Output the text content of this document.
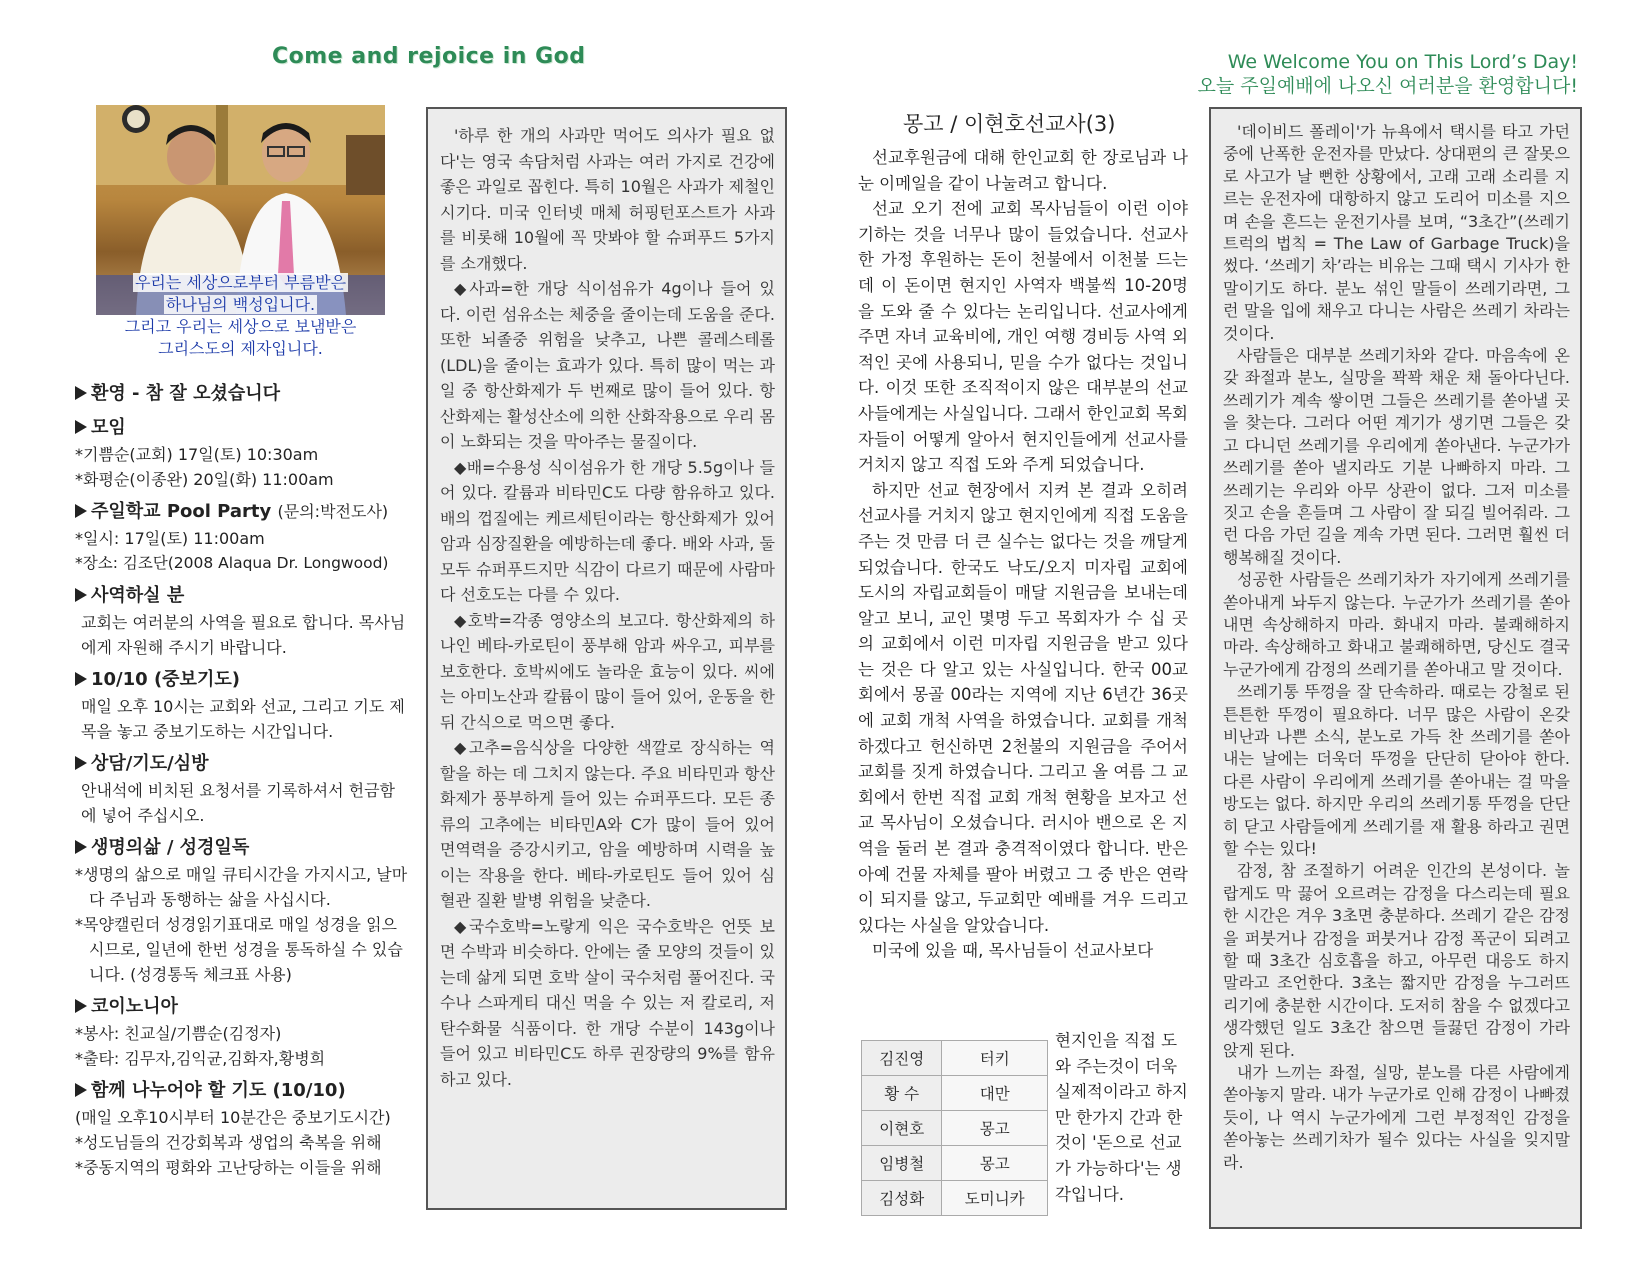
Come and rejoice in God	We Welcome You on This Lord’s Day!
오늘 주일예배에 나오신 여러분을 환영합니다!
우리는 세상으로부터 부름받은
하나님의 백성입니다.
그리고 우리는 세상으로 보냄받은
그리스도의 제자입니다.
환영 - 참 잘 오셨습니다
모임
*기쁨순(교회) 17일(토) 10:30am
*화평순(이종완) 20일(화) 11:00am
주일학교 Pool Party (문의:박전도사)
*일시: 17일(토) 11:00am
*장소: 김조단(2008 Alaqua Dr. Longwood)
사역하실 분
교회는 여러분의 사역을 필요로 합니다. 목사님에게 자원해 주시기 바랍니다.
10/10 (중보기도)
매일 오후 10시는 교회와 선교, 그리고 기도 제목을 놓고 중보기도하는 시간입니다.
상담/기도/심방
안내석에 비치된 요청서를 기록하셔서 헌금함에 넣어 주십시오.
생명의삶 / 성경일독
*생명의 삶으로 매일 큐티시간을 가지시고, 날마다 주님과 동행하는 삶을 사십시다.
*목양캘린더 성경읽기표대로 매일 성경을 읽으시므로, 일년에 한번 성경을 통독하실 수 있습니다. (성경통독 체크표 사용)
코이노니아
*봉사: 친교실/기쁨순(김정자)
*출타: 김무자,김익균,김화자,황병희
함께 나누어야 할 기도 (10/10)
(매일 오후10시부터 10분간은 중보기도시간)
*성도님들의 건강회복과 생업의 축복을 위해
*중동지역의 평화와 고난당하는 이들을 위해

'하루 한 개의 사과만 먹어도 의사가 필요 없다'는 영국 속담처럼 사과는 여러 가지로 건강에 좋은 과일로 꼽힌다. 특히 10월은 사과가 제철인 시기다. 미국 인터넷 매체 허핑턴포스트가 사과를 비롯해 10월에 꼭 맛봐야 할 슈퍼푸드 5가지를 소개했다.

◆사과=한 개당 식이섬유가 4g이나 들어 있다. 이런 섬유소는 체중을 줄이는데 도움을 준다. 또한 뇌졸중 위험을 낮추고, 나쁜 콜레스테롤(LDL)을 줄이는 효과가 있다. 특히 많이 먹는 과일 중 항산화제가 두 번째로 많이 들어 있다. 항산화제는 활성산소에 의한 산화작용으로 우리 몸이 노화되는 것을 막아주는 물질이다.

◆배=수용성 식이섬유가 한 개당 5.5g이나 들어 있다. 칼륨과 비타민C도 다량 함유하고 있다. 배의 껍질에는 케르세틴이라는 항산화제가 있어 암과 심장질환을 예방하는데 좋다. 배와 사과, 둘 모두 슈퍼푸드지만 식감이 다르기 때문에 사람마다 선호도는 다를 수 있다.

◆호박=각종 영양소의 보고다. 항산화제의 하나인 베타-카로틴이 풍부해 암과 싸우고, 피부를 보호한다. 호박씨에도 놀라운 효능이 있다. 씨에는 아미노산과 칼륨이 많이 들어 있어, 운동을 한 뒤 간식으로 먹으면 좋다.

◆고추=음식상을 다양한 색깔로 장식하는 역할을 하는 데 그치지 않는다. 주요 비타민과 항산화제가 풍부하게 들어 있는 슈퍼푸드다. 모든 종류의 고추에는 비타민A와 C가 많이 들어 있어 면역력을 증강시키고, 암을 예방하며 시력을 높이는 작용을 한다. 베타-카로틴도 들어 있어 심혈관 질환 발병 위험을 낮춘다.

◆국수호박=노랗게 익은 국수호박은 언뜻 보면 수박과 비슷하다. 안에는 줄 모양의 것들이 있는데 삶게 되면 호박 살이 국수처럼 풀어진다. 국수나 스파게티 대신 먹을 수 있는 저 칼로리, 저 탄수화물 식품이다. 한 개당 수분이 143g이나 들어 있고 비타민C도 하루 권장량의 9%를 함유하고 있다.

몽고 / 이현호선교사(3)

선교후원금에 대해 한인교회 한 장로님과 나눈 이메일을 같이 나눌려고 합니다.

선교 오기 전에 교회 목사님들이 이런 이야기하는 것을 너무나 많이 들었습니다. 선교사 한 가정 후원하는 돈이 천불에서 이천불 드는데 이 돈이면 현지인 사역자 백불씩 10-20명을 도와 줄 수 있다는 논리입니다. 선교사에게 주면 자녀 교육비에, 개인 여행 경비등 사역 외적인 곳에 사용되니, 믿을 수가 없다는 것입니다. 이것 또한 조직적이지 않은 대부분의 선교사들에게는 사실입니다. 그래서 한인교회 목회자들이 어떻게 알아서 현지인들에게 선교사를 거치지 않고 직접 도와 주게 되었습니다.

하지만 선교 현장에서 지켜 본 결과 오히려 선교사를 거치지 않고 현지인에게 직접 도움을 주는 것 만큼 더 큰 실수는 없다는 것을 깨달게 되었습니다. 한국도 낙도/오지 미자립 교회에 도시의 자립교회들이 매달 지원금을 보내는데 알고 보니, 교인 몇명 두고 목회자가 수 십 곳의 교회에서 이런 미자립 지원금을 받고 있다는 것은 다 알고 있는 사실입니다. 한국 00교회에서 몽골 00라는 지역에 지난 6년간 36곳에 교회 개척 사역을 하였습니다. 교회를 개척하겠다고 헌신하면 2천불의 지원금을 주어서 교회를 짓게 하였습니다. 그리고 올 여름 그 교회에서 한번 직접 교회 개척 현황을 보자고 선교 목사님이 오셨습니다. 러시아 밴으로 온 지역을 둘러 본 결과 충격적이였다 합니다. 반은 아예 건물 자체를 팔아 버렸고 그 중 반은 연락이 되지를 않고, 두교회만 예배를 겨우 드리고 있다는 사실을 알았습니다.

미국에 있을 때, 목사님들이 선교사보다

김진영	터키
황 수	대만
이현호	몽고
임병철	몽고
김성화	도미니카
현지인을 직접 도와 주는것이 더욱 실제적이라고 하지만 한가지 간과 한 것이 '돈으로 선교가 가능하다'는 생각입니다.

'데이비드 폴레이'가 뉴욕에서 택시를 타고 가던 중에 난폭한 운전자를 만났다. 상대편의 큰 잘못으로 사고가 날 뻔한 상황에서, 고래 고래 소리를 지르는 운전자에 대항하지 않고 도리어 미소를 지으며 손을 흔드는 운전기사를 보며, “3초간”(쓰레기 트럭의 법칙 = The Law of Garbage Truck)을 썼다. ‘쓰레기 차’라는 비유는 그때 택시 기사가 한 말이기도 하다. 분노 섞인 말들이 쓰레기라면, 그런 말을 입에 채우고 다니는 사람은 쓰레기 차라는 것이다.

사람들은 대부분 쓰레기차와 같다. 마음속에 온갖 좌절과 분노, 실망을 꽉꽉 채운 채 돌아다닌다. 쓰레기가 계속 쌓이면 그들은 쓰레기를 쏟아낼 곳을 찾는다. 그러다 어떤 계기가 생기면 그들은 갖고 다니던 쓰레기를 우리에게 쏟아낸다. 누군가가 쓰레기를 쏟아 낼지라도 기분 나빠하지 마라. 그 쓰레기는 우리와 아무 상관이 없다. 그저 미소를 짓고 손을 흔들며 그 사람이 잘 되길 빌어줘라. 그런 다음 가던 길을 계속 가면 된다. 그러면 훨씬 더 행복해질 것이다.

성공한 사람들은 쓰레기차가 자기에게 쓰레기를 쏟아내게 놔두지 않는다. 누군가가 쓰레기를 쏟아내면 속상해하지 마라. 화내지 마라. 불쾌해하지 마라. 속상해하고 화내고 불쾌해하면, 당신도 결국 누군가에게 감정의 쓰레기를 쏟아내고 말 것이다.

쓰레기통 뚜껑을 잘 단속하라. 때로는 강철로 된 튼튼한 뚜껑이 필요하다. 너무 많은 사람이 온갖 비난과 나쁜 소식, 분노로 가득 찬 쓰레기를 쏟아내는 날에는 더욱더 뚜껑을 단단히 닫아야 한다. 다른 사람이 우리에게 쓰레기를 쏟아내는 걸 막을 방도는 없다. 하지만 우리의 쓰레기통 뚜껑을 단단히 닫고 사람들에게 쓰레기를 재 활용 하라고 권면할 수는 있다!

감정, 참 조절하기 어려운 인간의 본성이다. 놀랍게도 막 끓어 오르려는 감정을 다스리는데 필요한 시간은 겨우 3초면 충분하다. 쓰레기 같은 감정을 퍼붓거나 감정을 퍼붓거나 감정 폭군이 되려고 할 때 3초간 심호흡을 하고, 아무런 대응도 하지 말라고 조언한다. 3초는 짧지만 감정을 누그러뜨리기에 충분한 시간이다. 도저히 참을 수 없겠다고 생각했던 일도 3초간 참으면 들끓던 감정이 가라앉게 된다.

내가 느끼는 좌절, 실망, 분노를 다른 사람에게 쏟아놓지 말라. 내가 누군가로 인해 감정이 나빠졌듯이, 나 역시 누군가에게 그런 부정적인 감정을 쏟아놓는 쓰레기차가 될수 있다는 사실을 잊지말라.
